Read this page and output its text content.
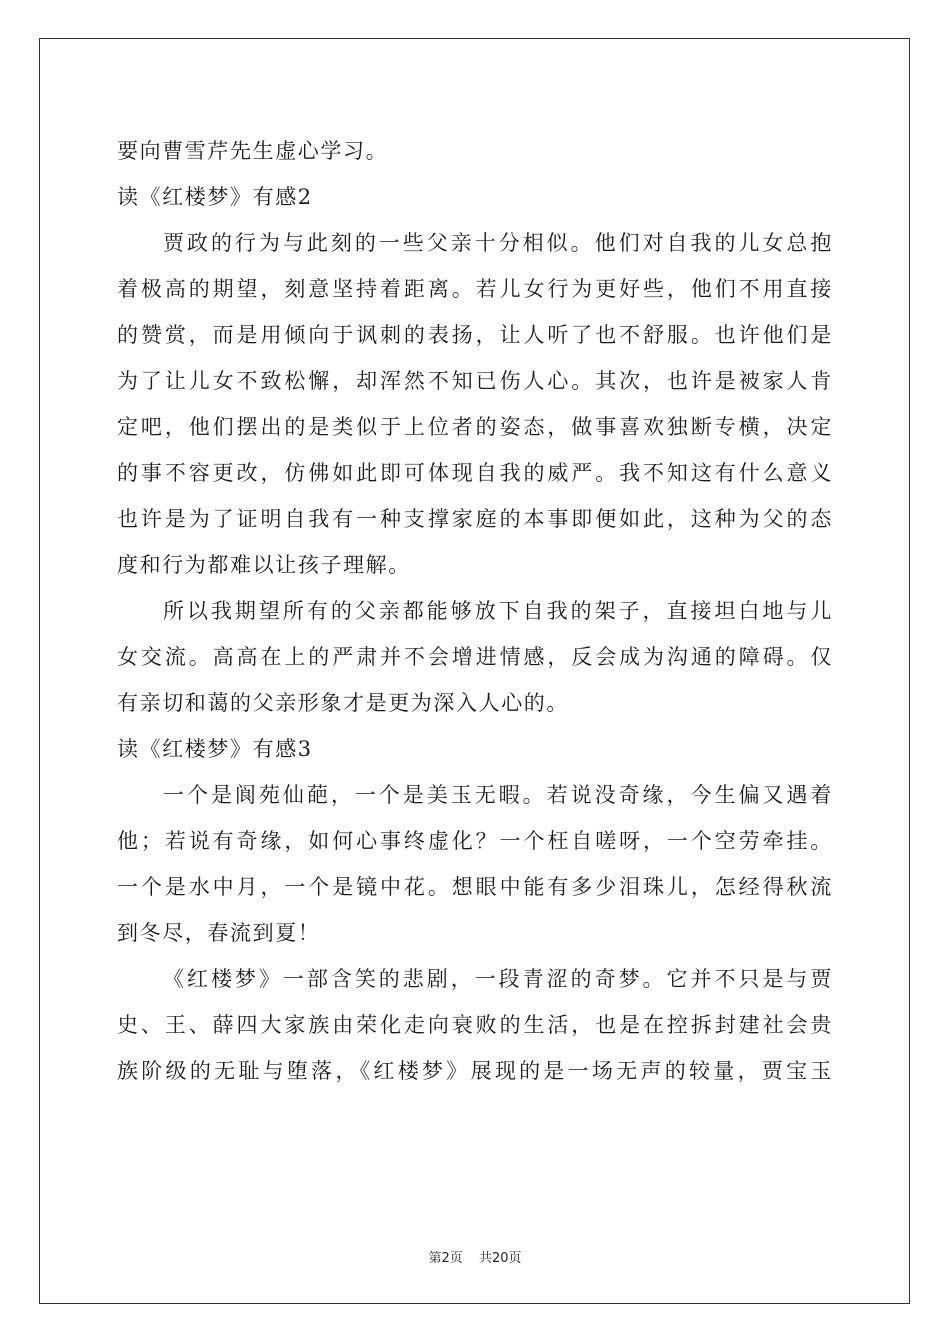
要向曹雪芹先生虚心学习。
读《红楼梦》有感2
贾政的行为与此刻的一些父亲十分相似。他们对自我的儿女总抱
着极高的期望，刻意坚持着距离。若儿女行为更好些，他们不用直接
的赞赏，而是用倾向于讽刺的表扬，让人听了也不舒服。也许他们是
为了让儿女不致松懈，却浑然不知已伤人心。其次，也许是被家人肯
定吧，他们摆出的是类似于上位者的姿态，做事喜欢独断专横，决定
的事不容更改，仿佛如此即可体现自我的威严。我不知这有什么意义
也许是为了证明自我有一种支撑家庭的本事即便如此，这种为父的态
度和行为都难以让孩子理解。
所以我期望所有的父亲都能够放下自我的架子，直接坦白地与儿
女交流。高高在上的严肃并不会增进情感，反会成为沟通的障碍。仅
有亲切和蔼的父亲形象才是更为深入人心的。
读《红楼梦》有感3
一个是阆苑仙葩，一个是美玉无暇。若说没奇缘，今生偏又遇着
他；若说有奇缘，如何心事终虚化？一个枉自嗟呀，一个空劳牵挂。
一个是水中月，一个是镜中花。想眼中能有多少泪珠儿，怎经得秋流
到冬尽，春流到夏！
《红楼梦》一部含笑的悲剧，一段青涩的奇梦。它并不只是与贾
史、王、薛四大家族由荣化走向衰败的生活，也是在控拆封建社会贵
族阶级的无耻与堕落，《红楼梦》展现的是一场无声的较量，贾宝玉
第2页 共20页
